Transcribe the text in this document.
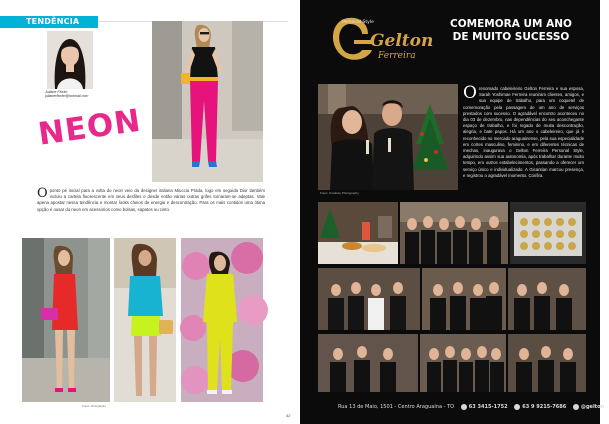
TENDÊNCIA
Juliane Fiorim
julianerfiorim@hotmail.com
NEON
O ponto pé inicial para a volta do neon veio da designer italiana Miuccia Prada, logo em seguida Dior também incluiu a cartela fluorescente em seus desfiles e desde então várias outras grifes tornaram-se adeptas. Vale apena apostar nessa tendência e montar looks cheios de energia e descontração. Para os mais contidos uma ótima opção é ousar do neon em acessórios como bolsas, sapatos ou cinto.
Fotos: Divulgação
42
Personal Style
Gelton
Ferreira
COMEMORA UM ANO
DE MUITO SUCESSO
Fotos: Karafeity Photography
O renomado cabeleireiro Gelton Ferreira e sua esposa, Sarah Yoshimae Ferreira reuniram clientes, amigos, e sua equipe de trabalho, para um coquetel de comemoração pela passagem de um ano de serviços prestados com sucesso. O agradável encontro aconteceu no dia 03 de dezembro, nas dependências do seu aconchegante espaço de trabalho, e foi regado de muita descontração, alegria, e bate papos. Há um ano o cabeleireiro, que já é reconhecido no mercado araguainense, pela sua especialidade em cortes masculino, feminino, e em diferentes técnicas de mechas, inaugurava o Gelton Ferreira Personal Style, adquirindo assim sua autonomia, após trabalhar durante muito tempo, em outros estabelecimentos, passando a oferecer um serviço único e individualizado. A Gicantian marcou presença, e registrou o agradável momento. Confira.
Rua 13 de Maio, 1501 - Centro Araguaína - TO	63 3415-1752	63 9 9215-7686	@gelton
